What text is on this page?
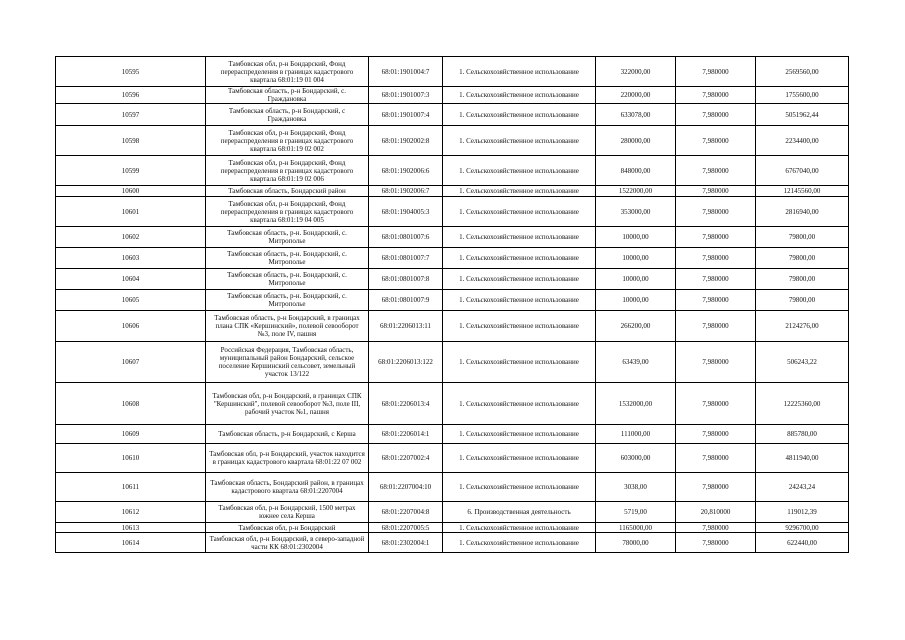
10595	Тамбовская обл, р-н Бондарский, Фонд перераспределения в границах кадастрового квартала 68:01:19 01 004	68:01:1901004:7	1. Сельскохозяйственное использование	322000,00	7,980000	2569560,00
10596	Тамбовская область, р-н Бондарский, с. Граждановка	68:01:1901007:3	1. Сельскохозяйственное использование	220000,00	7,980000	1755600,00
10597	Тамбовская область, р-н Бондарский, с Граждановка	68:01:1901007:4	1. Сельскохозяйственное использование	633078,00	7,980000	5051962,44
10598	Тамбовская обл, р-н Бондарский, Фонд перераспределения в границах кадастрового квартала 68:01:19 02 002	68:01:1902002:8	1. Сельскохозяйственное использование	280000,00	7,980000	2234400,00
10599	Тамбовская обл, р-н Бондарский, Фонд перераспределения в границах кадастрового квартала 68:01:19 02 006	68:01:1902006:6	1. Сельскохозяйственное использование	848000,00	7,980000	6767040,00
10600	Тамбовская область, Бондарский район	68:01:1902006:7	1. Сельскохозяйственное использование	1522000,00	7,980000	12145560,00
10601	Тамбовская обл, р-н Бондарский, Фонд перераспределения в границах кадастрового квартала 68:01:19 04 005	68:01:1904005:3	1. Сельскохозяйственное использование	353000,00	7,980000	2816940,00
10602	Тамбовская область, р-н. Бондарский, с. Митрополье	68:01:0801007:6	1. Сельскохозяйственное использование	10000,00	7,980000	79800,00
10603	Тамбовская область, р-н. Бондарский, с. Митрополье	68:01:0801007:7	1. Сельскохозяйственное использование	10000,00	7,980000	79800,00
10604	Тамбовская область, р-н. Бондарский, с. Митрополье	68:01:0801007:8	1. Сельскохозяйственное использование	10000,00	7,980000	79800,00
10605	Тамбовская область, р-н. Бондарский, с. Митрополье	68:01:0801007:9	1. Сельскохозяйственное использование	10000,00	7,980000	79800,00
10606	Тамбовская область, р-н Бондарский, в границах плана СПК «Кершинский», полевой севооборот №3, поле IV, пашня	68:01:2206013:11	1. Сельскохозяйственное использование	266200,00	7,980000	2124276,00
10607	Российская Федерация, Тамбовская область, муниципальный район Бондарский, сельское поселение Кершинский сельсовет, земельный участок 13/122	68:01:2206013:122	1. Сельскохозяйственное использование	63439,00	7,980000	506243,22
10608	Тамбовская обл, р-н Бондарский, в границах СПК "Кершинский", полевой севооборот №3, поле III, рабочий участок №1, пашня	68:01:2206013:4	1. Сельскохозяйственное использование	1532000,00	7,980000	12225360,00
10609	Тамбовская область, р-н Бондарский, с Керша	68:01:2206014:1	1. Сельскохозяйственное использование	111000,00	7,980000	885780,00
10610	Тамбовская обл, р-н Бондарский, участок находится в границах кадастрового квартала 68:01:22 07 002	68:01:2207002:4	1. Сельскохозяйственное использование	603000,00	7,980000	4811940,00
10611	Тамбовская область, Бондарский район, в границах кадастрового квартала 68:01:2207004	68:01:2207004:10	1. Сельскохозяйственное использование	3038,00	7,980000	24243,24
10612	Тамбовская обл, р-н Бондарский, 1500 метрах южнее села Керша	68:01:2207004:8	6. Производственная деятельность	5719,00	20,810000	119012,39
10613	Тамбовская обл, р-н Бондарский	68:01:2207005:5	1. Сельскохозяйственное использование	1165000,00	7,980000	9296700,00
10614	Тамбовская обл, р-н Бондарский, в северо-западной части КК 68:01:2302004	68:01:2302004:1	1. Сельскохозяйственное использование	78000,00	7,980000	622440,00
